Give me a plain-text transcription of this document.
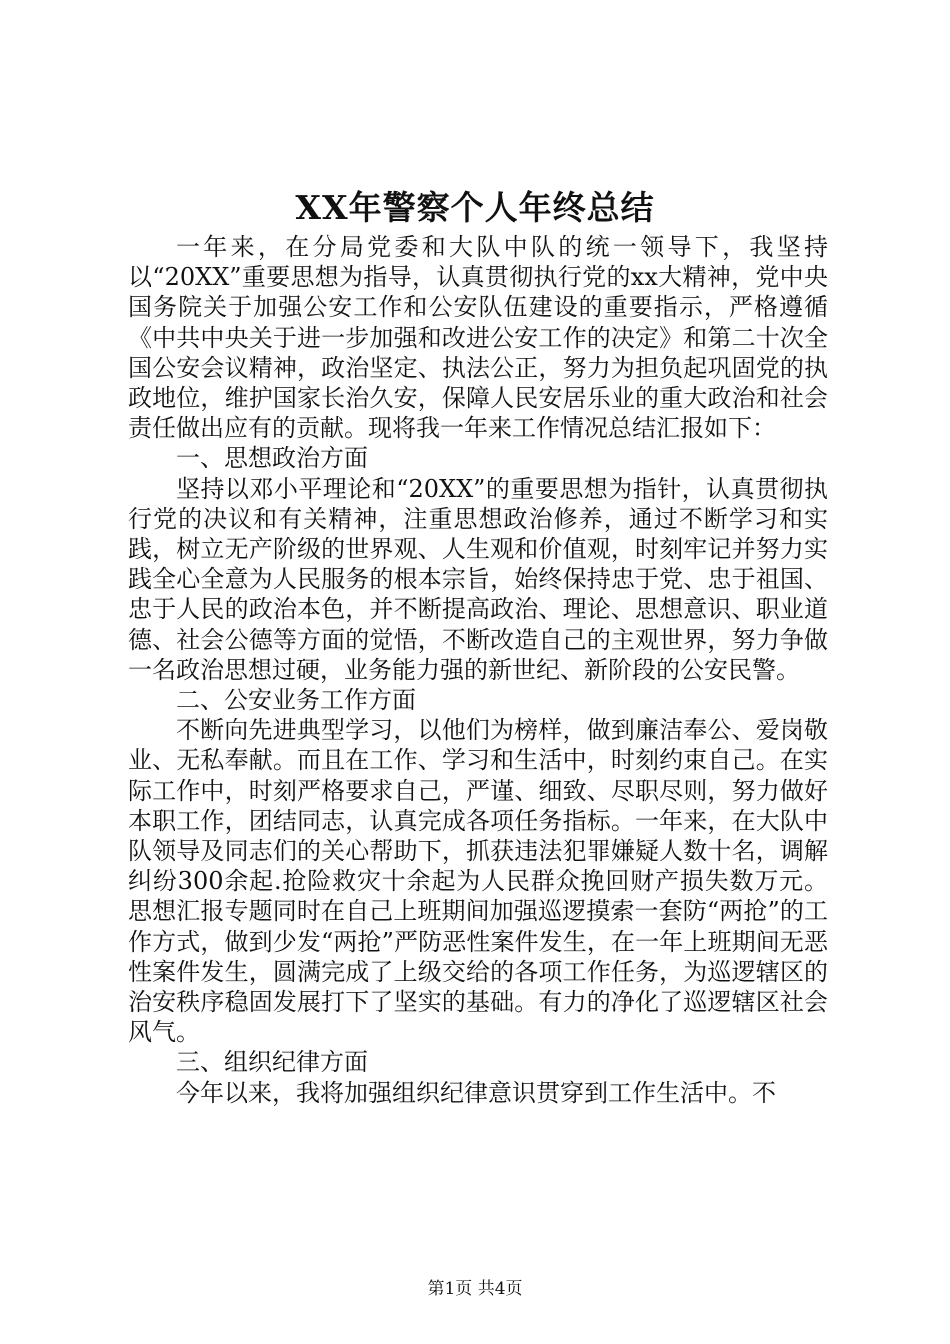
XX年警察个人年终总结

一年来，在分局党委和大队中队的统一领导下，我坚持以“20XX”重要思想为指导，认真贯彻执行党的xx大精神，党中央国务院关于加强公安工作和公安队伍建设的重要指示，严格遵循《中共中央关于进一步加强和改进公安工作的决定》和第二十次全国公安会议精神，政治坚定、执法公正，努力为担负起巩固党的执政地位，维护国家长治久安，保障人民安居乐业的重大政治和社会责任做出应有的贡献。现将我一年来工作情况总结汇报如下：

一、思想政治方面

坚持以邓小平理论和“20XX”的重要思想为指针，认真贯彻执行党的决议和有关精神，注重思想政治修养，通过不断学习和实践，树立无产阶级的世界观、人生观和价值观，时刻牢记并努力实践全心全意为人民服务的根本宗旨，始终保持忠于党、忠于祖国、忠于人民的政治本色，并不断提高政治、理论、思想意识、职业道德、社会公德等方面的觉悟，不断改造自己的主观世界，努力争做一名政治思想过硬，业务能力强的新世纪、新阶段的公安民警。

二、公安业务工作方面

不断向先进典型学习，以他们为榜样，做到廉洁奉公、爱岗敬业、无私奉献。而且在工作、学习和生活中，时刻约束自己。在实际工作中，时刻严格要求自己，严谨、细致、尽职尽则，努力做好本职工作，团结同志，认真完成各项任务指标。一年来，在大队中队领导及同志们的关心帮助下，抓获违法犯罪嫌疑人数十名，调解纠纷300余起.抢险救灾十余起为人民群众挽回财产损失数万元。思想汇报专题同时在自己上班期间加强巡逻摸索一套防“两抢”的工作方式，做到少发“两抢”严防恶性案件发生，在一年上班期间无恶性案件发生，圆满完成了上级交给的各项工作任务，为巡逻辖区的治安秩序稳固发展打下了坚实的基础。有力的净化了巡逻辖区社会风气。

三、组织纪律方面

今年以来，我将加强组织纪律意识贯穿到工作生活中。不

第1页 共4页
